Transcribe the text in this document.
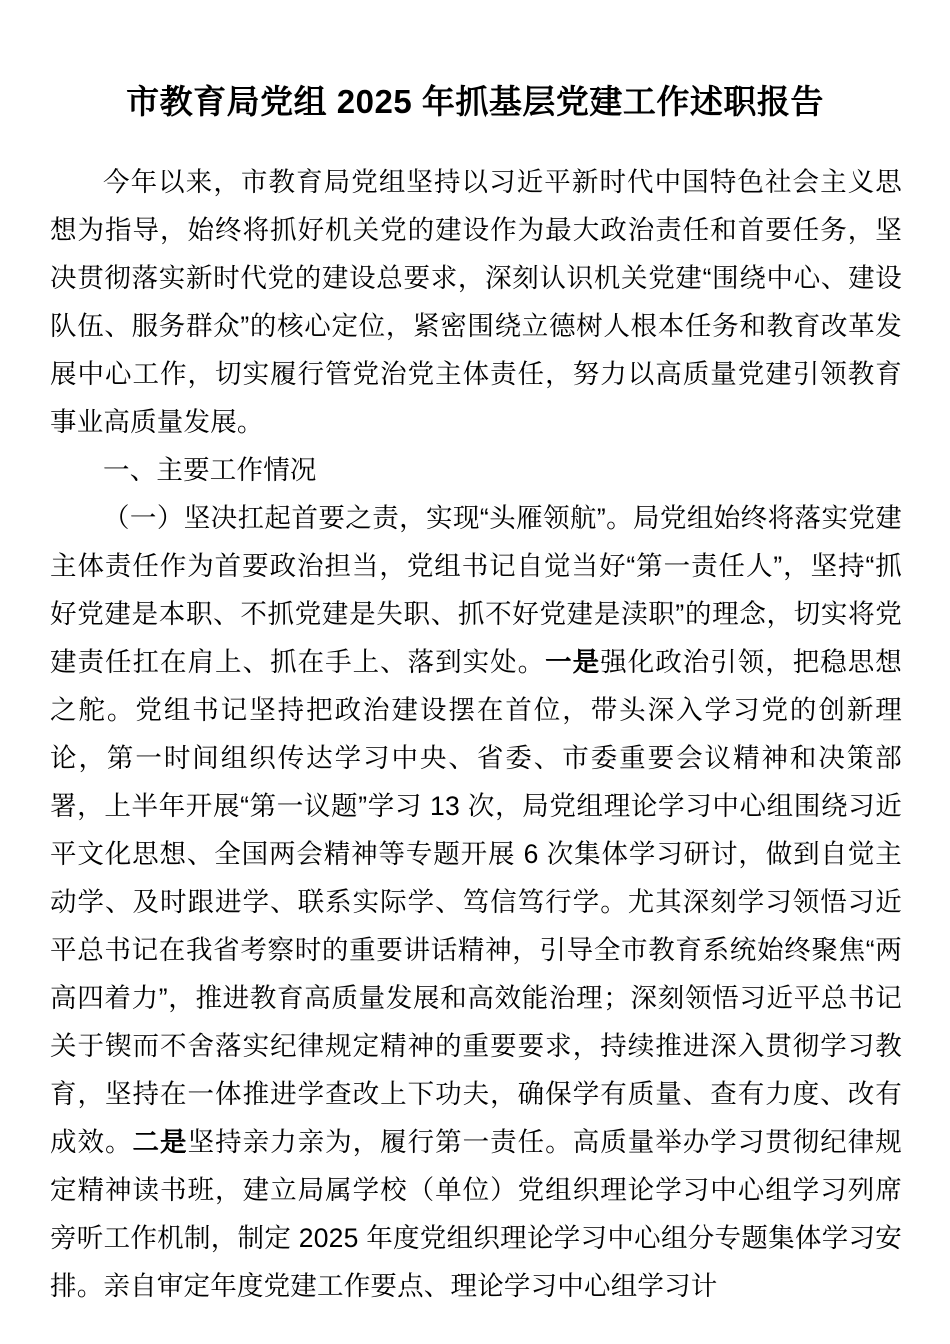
市教育局党组 2025 年抓基层党建工作述职报告

今年以来，市教育局党组坚持以习近平新时代中国特色社会主义思想为指导，始终将抓好机关党的建设作为最大政治责任和首要任务，坚决贯彻落实新时代党的建设总要求，深刻认识机关党建“围绕中心、建设队伍、服务群众”的核心定位，紧密围绕立德树人根本任务和教育改革发展中心工作，切实履行管党治党主体责任，努力以高质量党建引领教育事业高质量发展。

一、主要工作情况

（一）坚决扛起首要之责，实现“头雁领航”。局党组始终将落实党建主体责任作为首要政治担当，党组书记自觉当好“第一责任人”，坚持“抓好党建是本职、不抓党建是失职、抓不好党建是渎职”的理念，切实将党建责任扛在肩上、抓在手上、落到实处。一是强化政治引领，把稳思想之舵。党组书记坚持把政治建设摆在首位，带头深入学习党的创新理论，第一时间组织传达学习中央、省委、市委重要会议精神和决策部署，上半年开展“第一议题”学习 13 次，局党组理论学习中心组围绕习近平文化思想、全国两会精神等专题开展 6 次集体学习研讨，做到自觉主动学、及时跟进学、联系实际学、笃信笃行学。尤其深刻学习领悟习近平总书记在我省考察时的重要讲话精神，引导全市教育系统始终聚焦“两高四着力”，推进教育高质量发展和高效能治理；深刻领悟习近平总书记关于锲而不舍落实纪律规定精神的重要要求，持续推进深入贯彻学习教育，坚持在一体推进学查改上下功夫，确保学有质量、查有力度、改有成效。二是坚持亲力亲为，履行第一责任。高质量举办学习贯彻纪律规定精神读书班，建立局属学校（单位）党组织理论学习中心组学习列席旁听工作机制，制定 2025 年度党组织理论学习中心组分专题集体学习安排。亲自审定年度党建工作要点、理论学习中心组学习计
